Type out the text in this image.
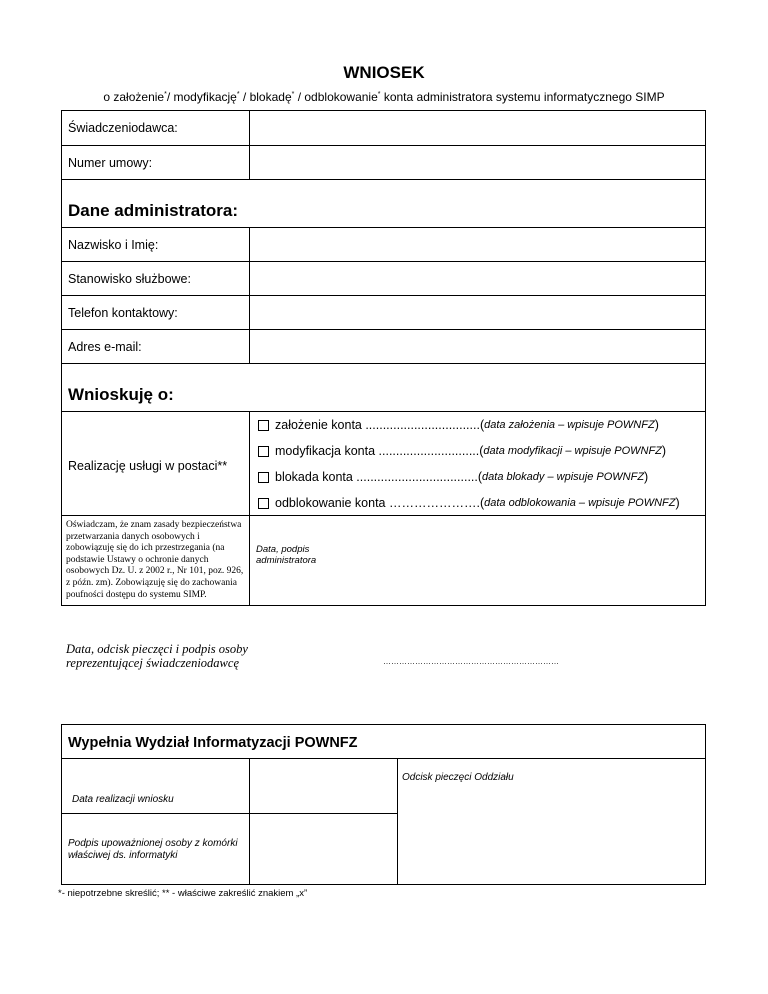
WNIOSEK
o założenie*/ modyfikację* / blokadę* / odblokowanie* konta administratora systemu informatycznego SIMP
Świadczeniodawca:
Numer umowy:
Dane administratora:
Nazwisko i Imię:
Stanowisko służbowe:
Telefon kontaktowy:
Adres e-mail:
Wnioskuję o:
Realizację usługi w postaci**
założenie konta .................................( data założenia – wpisuje POWNFZ )
modyfikacja konta .............................( data modyfikacji – wpisuje POWNFZ )
blokada konta ...................................( data blokady – wpisuje POWNFZ )
odblokowanie konta ………………….( data odblokowania – wpisuje POWNFZ )
Oświadczam, że znam zasady bezpieczeństwa przetwarzania danych osobowych i zobowiązuję się do ich przestrzegania (na podstawie Ustawy o ochronie danych osobowych Dz. U. z 2002 r., Nr 101, poz. 926, z późn. zm). Zobowiązuję się do zachowania poufności dostępu do systemu SIMP.
Data, podpis administratora
Data, odcisk pieczęci i podpis osoby reprezentującej świadczeniodawcę	…………………………………………………………
Wypełnia Wydział Informatyzacji POWNFZ
Data realizacji wniosku
Podpis upoważnionej osoby z komórki właściwej ds. informatyki
Odcisk pieczęci Oddziału
*- niepotrzebne skreślić; ** - właściwe zakreślić znakiem „x”
